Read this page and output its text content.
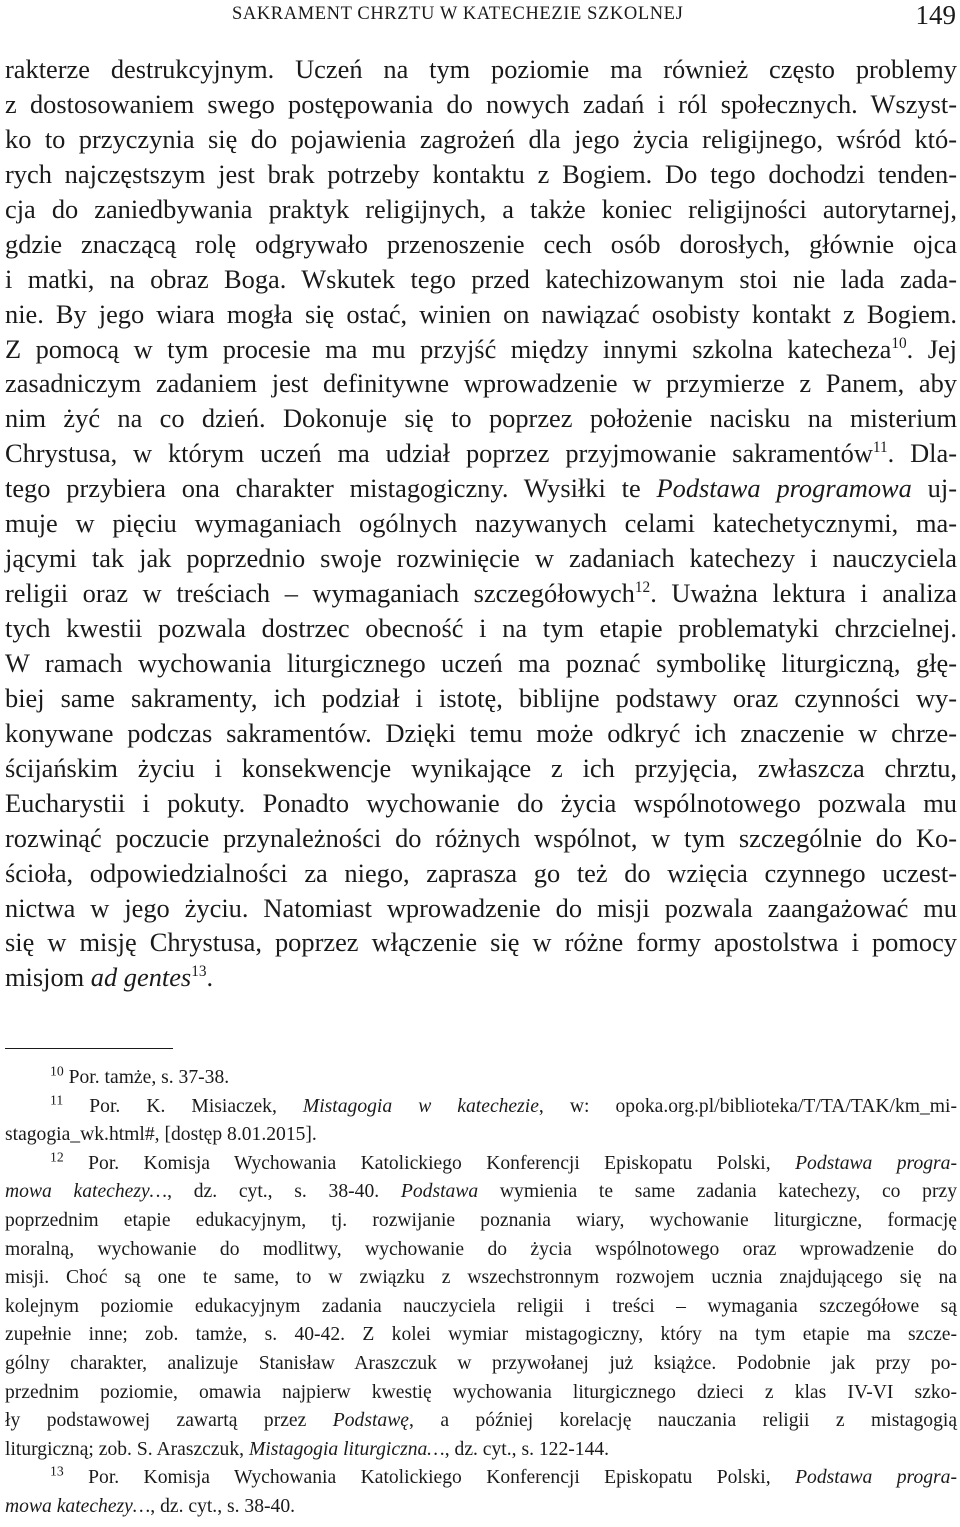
SAKRAMENT CHRZTU W KATECHEZIE SZKOLNEJ	149
rakterze destrukcyjnym. Uczeń na tym poziomie ma również często problemy
z dostosowaniem swego postępowania do nowych zadań i ról społecznych. Wszyst-
ko to przyczynia się do pojawienia zagrożeń dla jego życia religijnego, wśród któ-
rych najczęstszym jest brak potrzeby kontaktu z Bogiem. Do tego dochodzi tenden-
cja do zaniedbywania praktyk religijnych, a także koniec religijności autorytarnej,
gdzie znaczącą rolę odgrywało przenoszenie cech osób dorosłych, głównie ojca
i matki, na obraz Boga. Wskutek tego przed katechizowanym stoi nie lada zada-
nie. By jego wiara mogła się ostać, winien on nawiązać osobisty kontakt z Bogiem.
Z pomocą w tym procesie ma mu przyjść między innymi szkolna katecheza$^{10}$. Jej
zasadniczym zadaniem jest definitywne wprowadzenie w przymierze z Panem, aby
nim żyć na co dzień. Dokonuje się to poprzez położenie nacisku na misterium
Chrystusa, w którym uczeń ma udział poprzez przyjmowanie sakramentów$^{11}$. Dla-
tego przybiera ona charakter mistagogiczny. Wysiłki te Podstawa programowa uj-
muje w pięciu wymaganiach ogólnych nazywanych celami katechetycznymi, ma-
jącymi tak jak poprzednio swoje rozwinięcie w zadaniach katechezy i nauczyciela
religii oraz w treściach – wymaganiach szczegółowych$^{12}$. Uważna lektura i analiza
tych kwestii pozwala dostrzec obecność i na tym etapie problematyki chrzcielnej.
W ramach wychowania liturgicznego uczeń ma poznać symbolikę liturgiczną, głę-
biej same sakramenty, ich podział i istotę, biblijne podstawy oraz czynności wy-
konywane podczas sakramentów. Dzięki temu może odkryć ich znaczenie w chrze-
ścijańskim życiu i konsekwencje wynikające z ich przyjęcia, zwłaszcza chrztu,
Eucharystii i pokuty. Ponadto wychowanie do życia wspólnotowego pozwala mu
rozwinąć poczucie przynależności do różnych wspólnot, w tym szczególnie do Ko-
ścioła, odpowiedzialności za niego, zaprasza go też do wzięcia czynnego uczest-
nictwa w jego życiu. Natomiast wprowadzenie do misji pozwala zaangażować mu
się w misję Chrystusa, poprzez włączenie się w różne formy apostolstwa i pomocy
misjom ad gentes$^{13}$.
$^{10}$ Por. tamże, s. 37-38.
$^{11}$ Por. K. Misiaczek, Mistagogia w katechezie, w: opoka.org.pl/biblioteka/T/TA/TAK/km_mi-
stagogia_wk.html#, [dostęp 8.01.2015].
$^{12}$ Por. Komisja Wychowania Katolickiego Konferencji Episkopatu Polski, Podstawa progra-
mowa katechezy…, dz. cyt., s. 38-40. Podstawa wymienia te same zadania katechezy, co przy
poprzednim etapie edukacyjnym, tj. rozwijanie poznania wiary, wychowanie liturgiczne, formację
moralną, wychowanie do modlitwy, wychowanie do życia wspólnotowego oraz wprowadzenie do
misji. Choć są one te same, to w związku z wszechstronnym rozwojem ucznia znajdującego się na
kolejnym poziomie edukacyjnym zadania nauczyciela religii i treści – wymagania szczegółowe są
zupełnie inne; zob. tamże, s. 40-42. Z kolei wymiar mistagogiczny, który na tym etapie ma szcze-
gólny charakter, analizuje Stanisław Araszczuk w przywołanej już książce. Podobnie jak przy po-
przednim poziomie, omawia najpierw kwestię wychowania liturgicznego dzieci z klas IV-VI szko-
ły podstawowej zawartą przez Podstawę, a później korelację nauczania religii z mistagogią
liturgiczną; zob. S. Araszczuk, Mistagogia liturgiczna…, dz. cyt., s. 122-144.
$^{13}$ Por. Komisja Wychowania Katolickiego Konferencji Episkopatu Polski, Podstawa progra-
mowa katechezy…, dz. cyt., s. 38-40.
